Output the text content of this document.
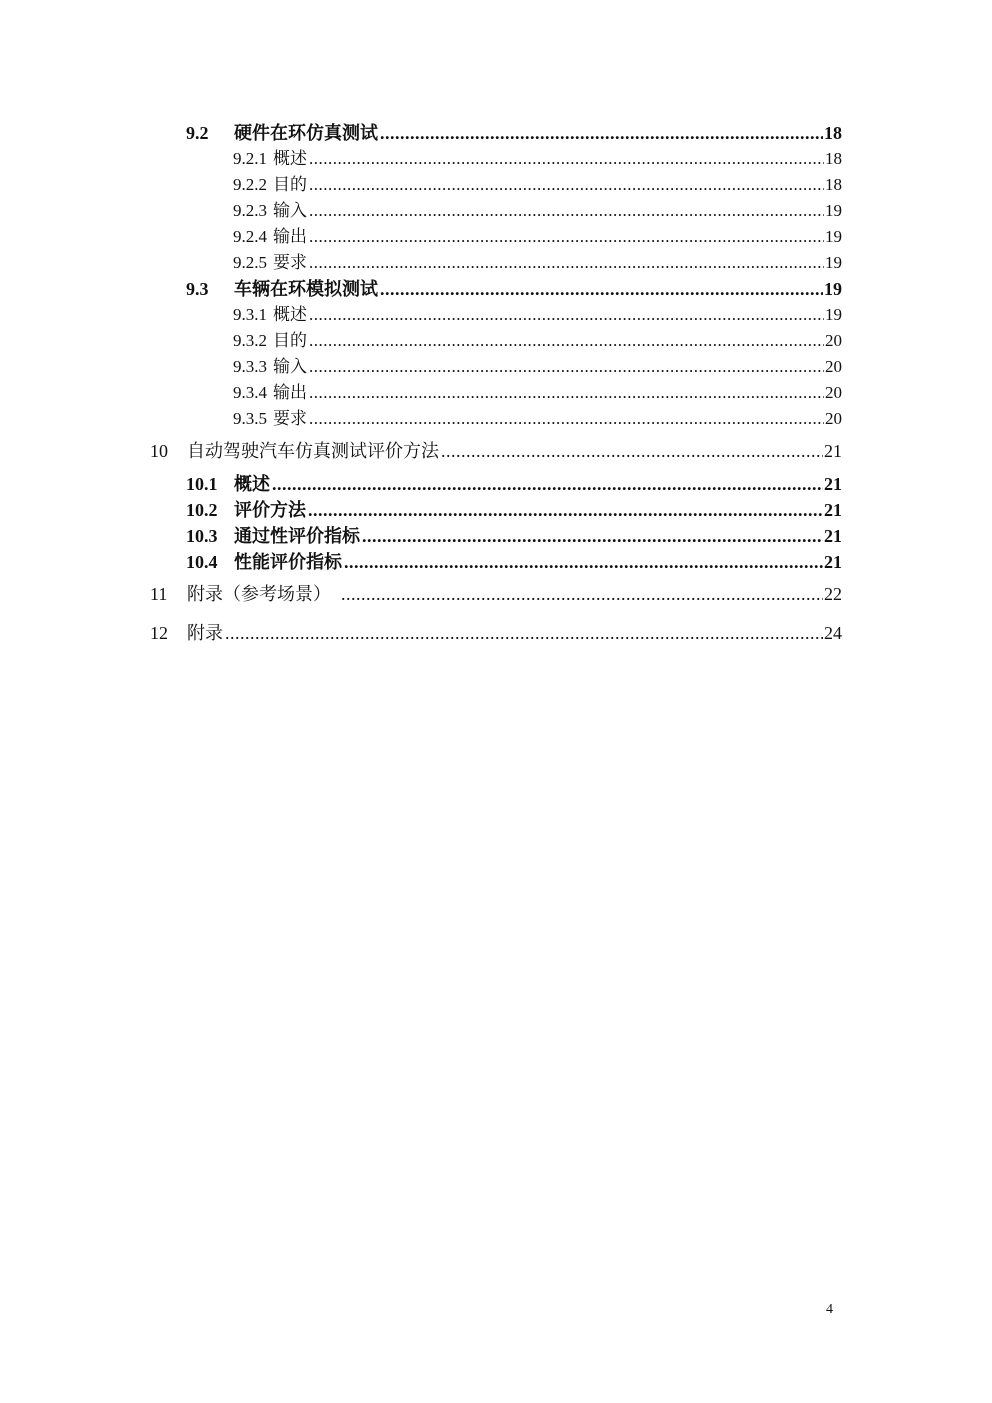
9.2	硬件在环仿真测试 .....	18
9.2.1 概述 .....	18
9.2.2 目的 .....	18
9.2.3 输入 .....	19
9.2.4 输出 .....	19
9.2.5 要求 .....	19
9.3	车辆在环模拟测试 .....	19
9.3.1 概述 .....	19
9.3.2 目的 .....	20
9.3.3 输入 .....	20
9.3.4 输出 .....	20
9.3.5 要求 .....	20
10	自动驾驶汽车仿真测试评价方法 .....	21
10.1 概述 .....	21
10.2 评价方法 .....	21
10.3 通过性评价指标 .....	21
10.4 性能评价指标 .....	21
11	附录（参考场景） .....	22
12	附录 .....	24
4
